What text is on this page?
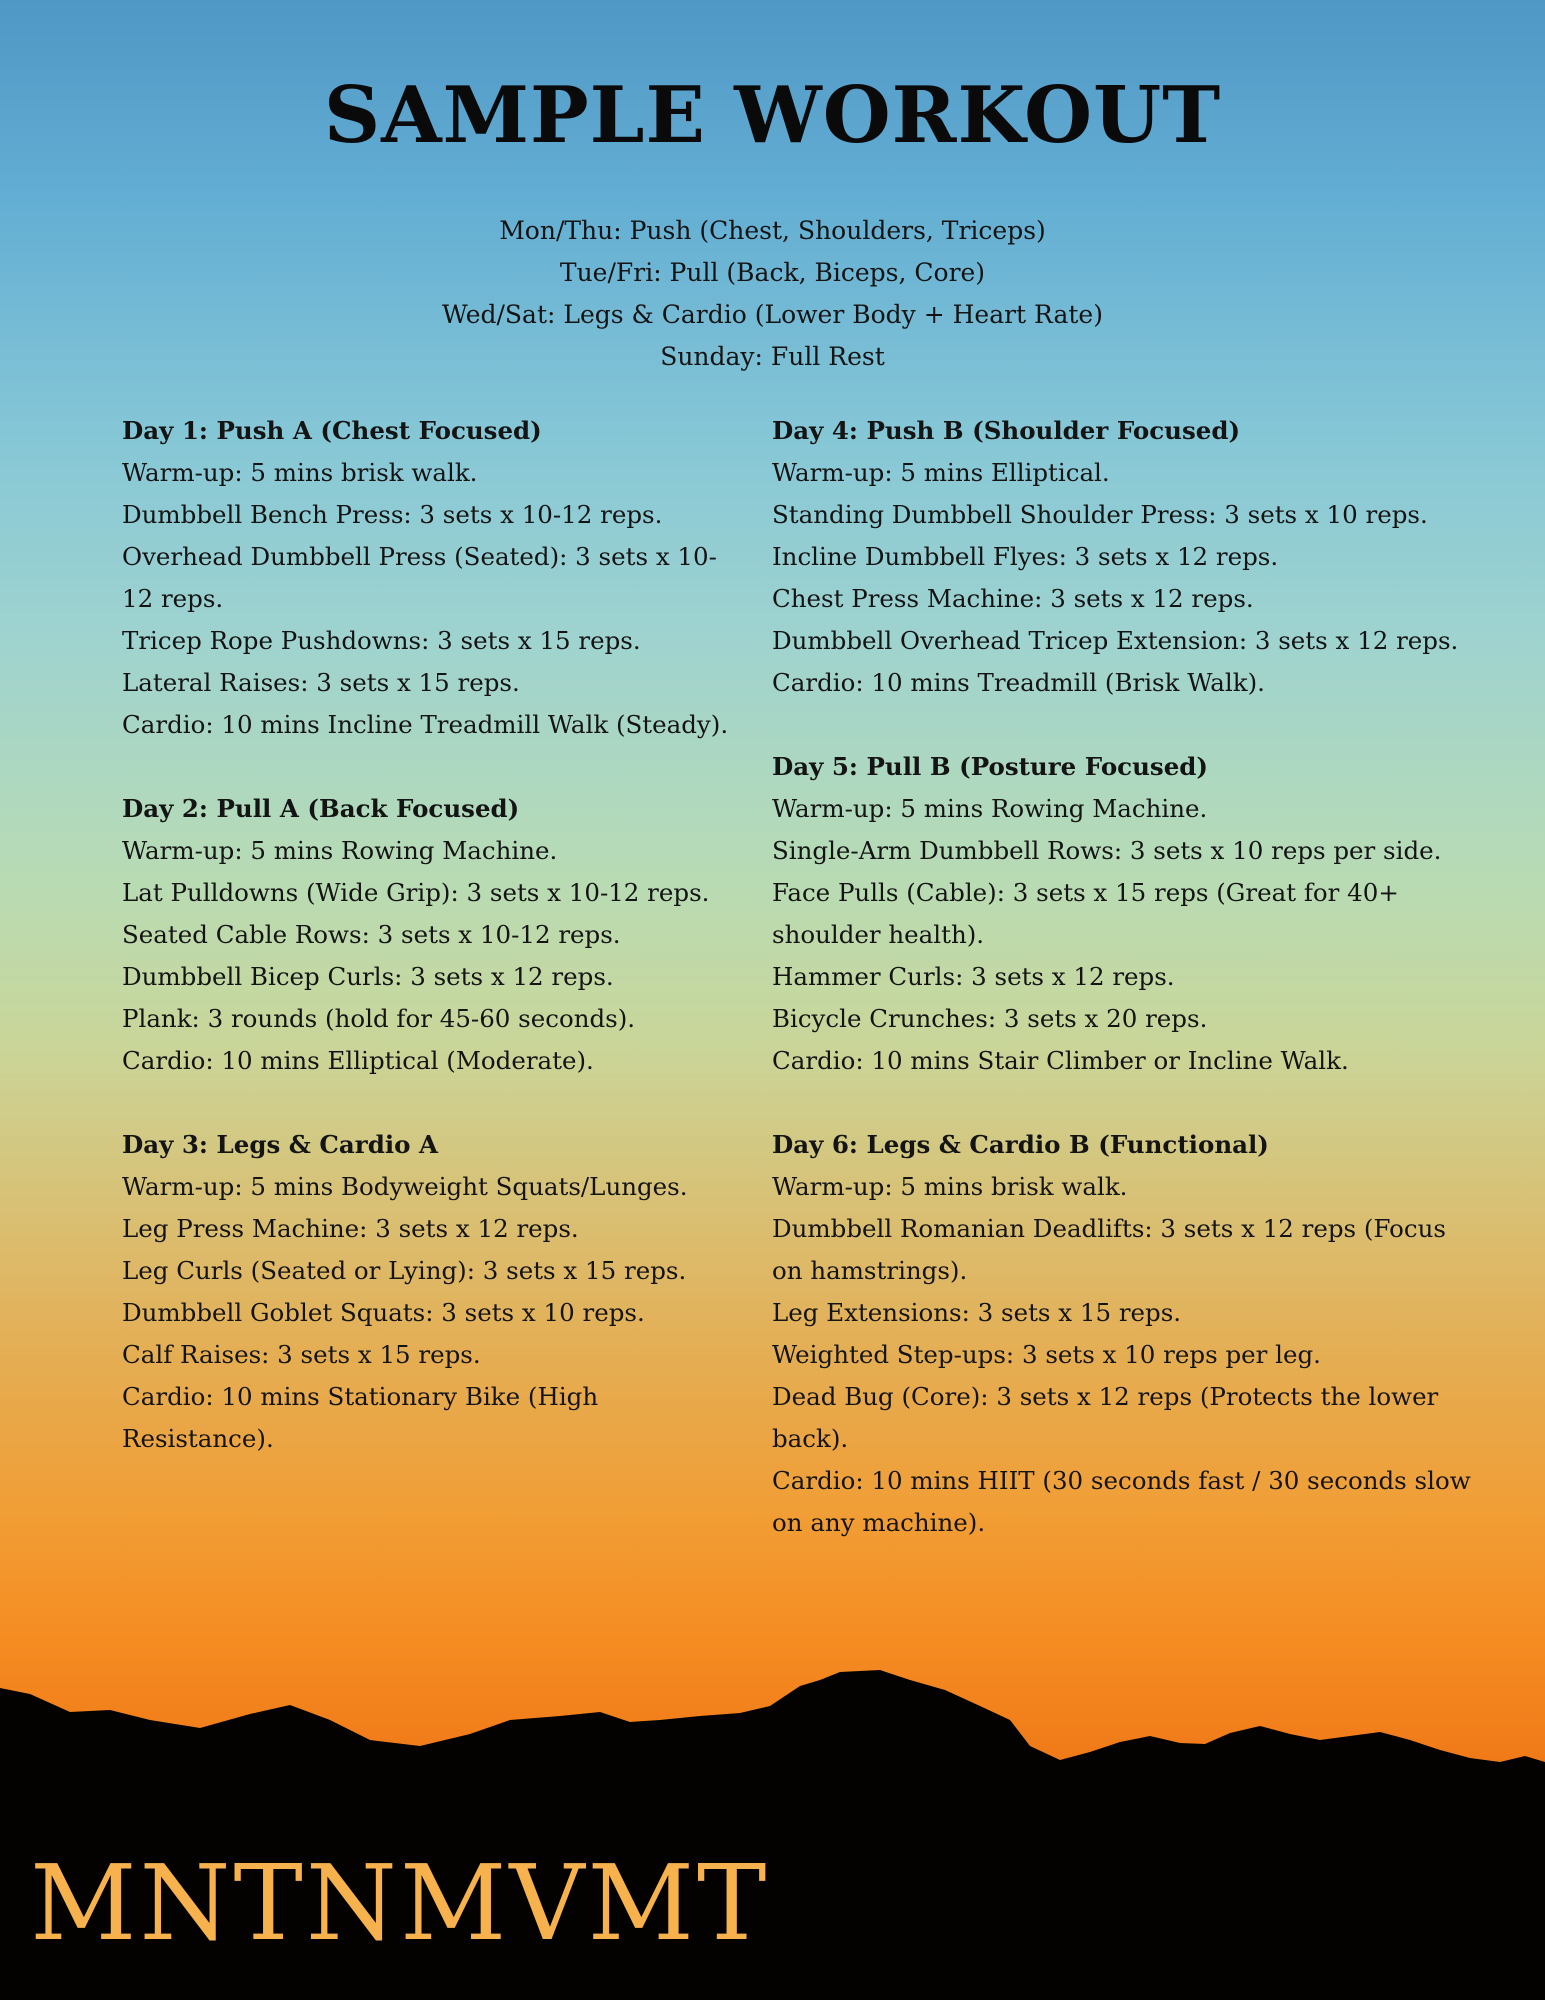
SAMPLE WORKOUT
Mon/Thu: Push (Chest, Shoulders, Triceps)
Tue/Fri: Pull (Back, Biceps, Core)
Wed/Sat: Legs & Cardio (Lower Body + Heart Rate)
Sunday: Full Rest
Day 1: Push A (Chest Focused)
Warm-up: 5 mins brisk walk.
Dumbbell Bench Press: 3 sets x 10-12 reps.
Overhead Dumbbell Press (Seated): 3 sets x 10-12 reps.
Tricep Rope Pushdowns: 3 sets x 15 reps.
Lateral Raises: 3 sets x 15 reps.
Cardio: 10 mins Incline Treadmill Walk (Steady).
Day 2: Pull A (Back Focused)
Warm-up: 5 mins Rowing Machine.
Lat Pulldowns (Wide Grip): 3 sets x 10-12 reps.
Seated Cable Rows: 3 sets x 10-12 reps.
Dumbbell Bicep Curls: 3 sets x 12 reps.
Plank: 3 rounds (hold for 45-60 seconds).
Cardio: 10 mins Elliptical (Moderate).
Day 3: Legs & Cardio A
Warm-up: 5 mins Bodyweight Squats/Lunges.
Leg Press Machine: 3 sets x 12 reps.
Leg Curls (Seated or Lying): 3 sets x 15 reps.
Dumbbell Goblet Squats: 3 sets x 10 reps.
Calf Raises: 3 sets x 15 reps.
Cardio: 10 mins Stationary Bike (High Resistance).
Day 4: Push B (Shoulder Focused)
Warm-up: 5 mins Elliptical.
Standing Dumbbell Shoulder Press: 3 sets x 10 reps.
Incline Dumbbell Flyes: 3 sets x 12 reps.
Chest Press Machine: 3 sets x 12 reps.
Dumbbell Overhead Tricep Extension: 3 sets x 12 reps.
Cardio: 10 mins Treadmill (Brisk Walk).
Day 5: Pull B (Posture Focused)
Warm-up: 5 mins Rowing Machine.
Single-Arm Dumbbell Rows: 3 sets x 10 reps per side.
Face Pulls (Cable): 3 sets x 15 reps (Great for 40+ shoulder health).
Hammer Curls: 3 sets x 12 reps.
Bicycle Crunches: 3 sets x 20 reps.
Cardio: 10 mins Stair Climber or Incline Walk.
Day 6: Legs & Cardio B (Functional)
Warm-up: 5 mins brisk walk.
Dumbbell Romanian Deadlifts: 3 sets x 12 reps (Focus on hamstrings).
Leg Extensions: 3 sets x 15 reps.
Weighted Step-ups: 3 sets x 10 reps per leg.
Dead Bug (Core): 3 sets x 12 reps (Protects the lower back).
Cardio: 10 mins HIIT (30 seconds fast / 30 seconds slow on any machine).
MNTNMVMT
